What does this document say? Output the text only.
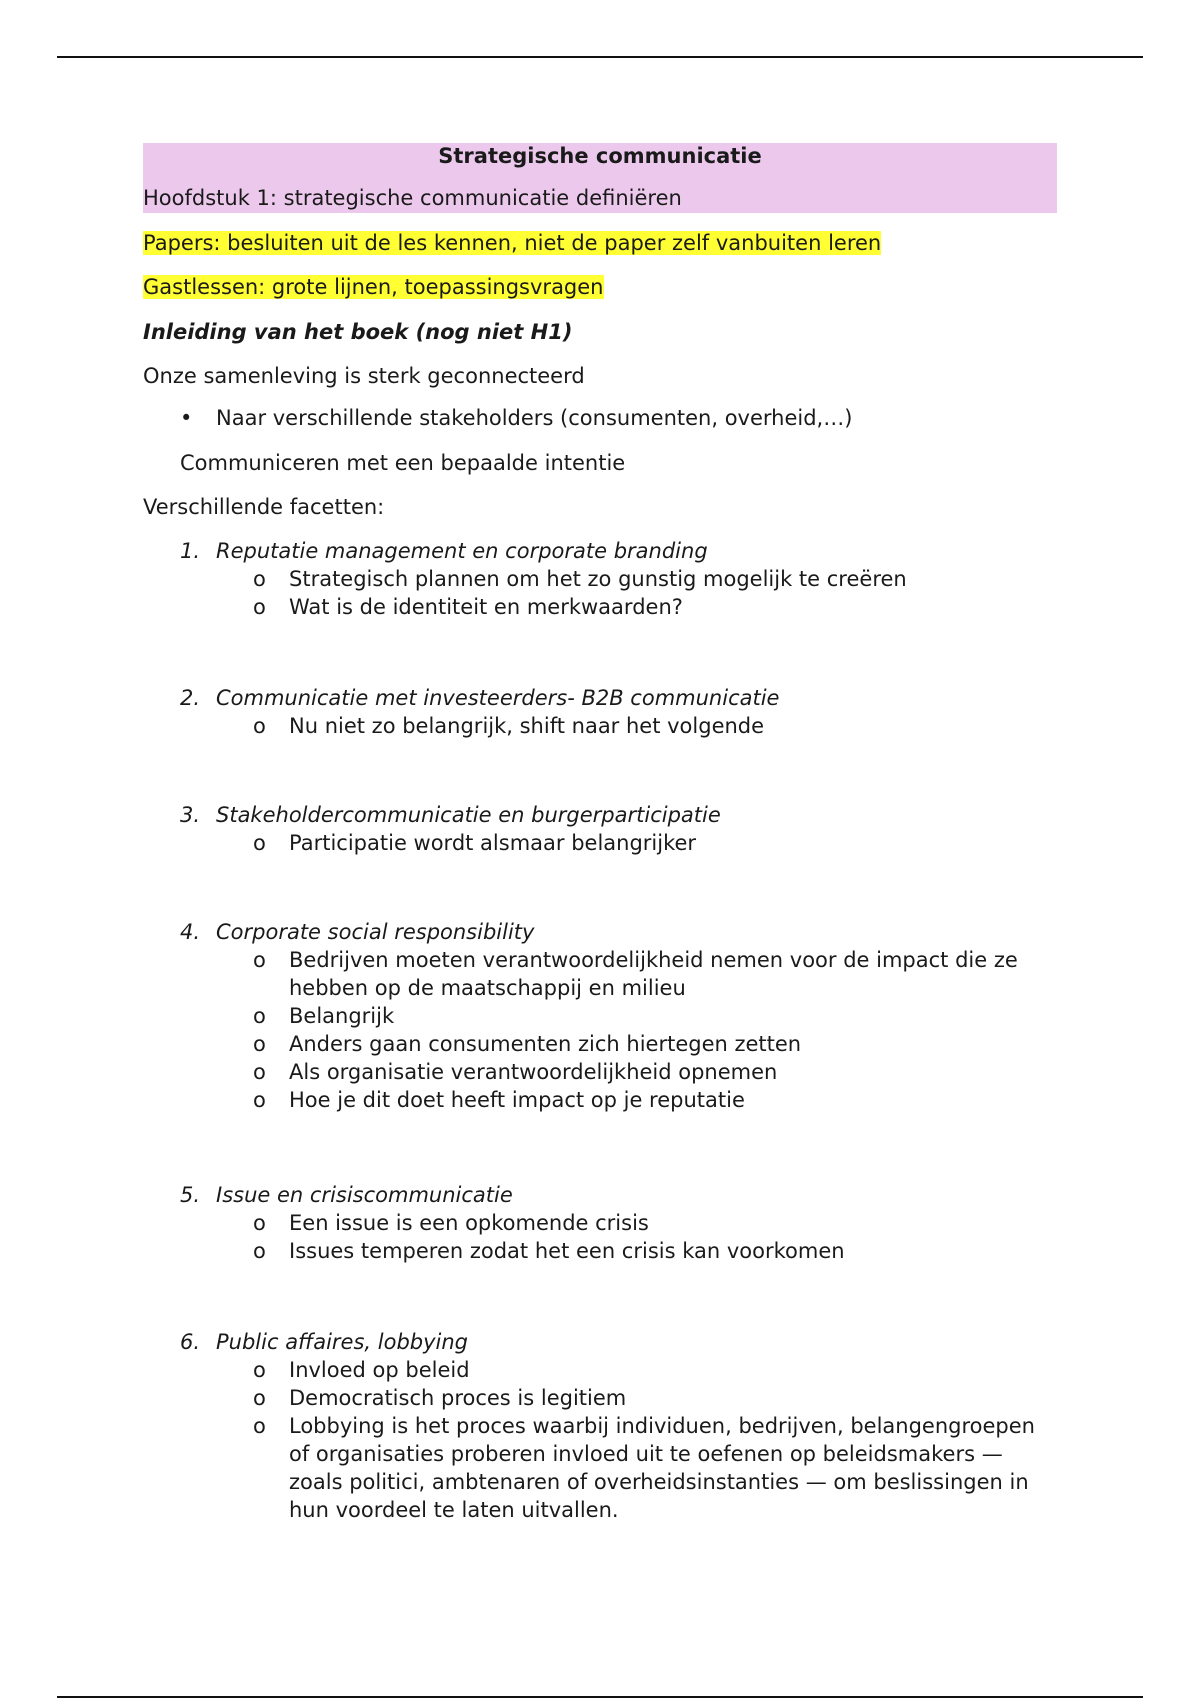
Strategische communicatie

Hoofdstuk 1: strategische communicatie definiëren

Papers: besluiten uit de les kennen, niet de paper zelf vanbuiten leren

Gastlessen: grote lijnen, toepassingsvragen

Inleiding van het boek (nog niet H1)

Onze samenleving is sterk geconnecteerd

• Naar verschillende stakeholders (consumenten, overheid,…)

Communiceren met een bepaalde intentie

Verschillende facetten:

1. Reputatie management en corporate branding

o Strategisch plannen om het zo gunstig mogelijk te creëren
o Wat is de identiteit en merkwaarden?

2. Communicatie met investeerders- B2B communicatie

o Nu niet zo belangrijk, shift naar het volgende

3. Stakeholdercommunicatie en burgerparticipatie

o Participatie wordt alsmaar belangrijker

4. Corporate social responsibility

o Bedrijven moeten verantwoordelijkheid nemen voor de impact die ze hebben op de maatschappij en milieu
o Belangrijk
o Anders gaan consumenten zich hiertegen zetten
o Als organisatie verantwoordelijkheid opnemen
o Hoe je dit doet heeft impact op je reputatie

5. Issue en crisiscommunicatie

o Een issue is een opkomende crisis
o Issues temperen zodat het een crisis kan voorkomen

6. Public affaires, lobbying

o Invloed op beleid
o Democratisch proces is legitiem
o Lobbying is het proces waarbij individuen, bedrijven, belangengroepen of organisaties proberen invloed uit te oefenen op beleidsmakers — zoals politici, ambtenaren of overheidsinstanties — om beslissingen in hun voordeel te laten uitvallen.
